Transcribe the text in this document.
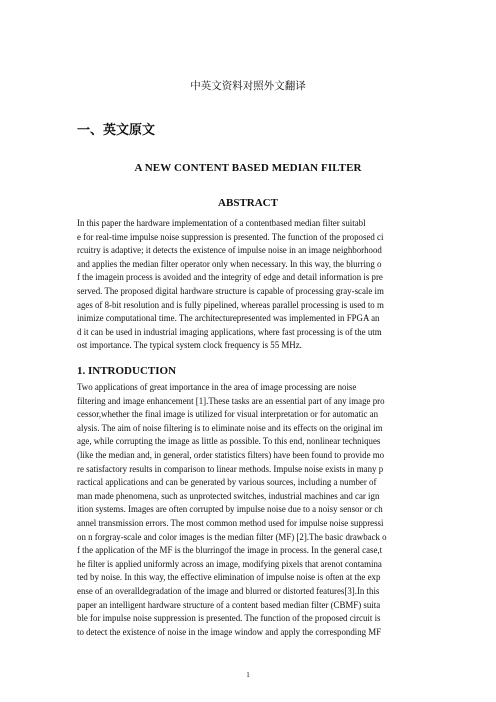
中英文资料对照外文翻译
一、英文原文
A NEW CONTENT BASED MEDIAN FILTER
ABSTRACT

In this paper the hardware implementation of a contentbased median filter suitabl
e for real-time impulse noise suppression is presented. The function of the proposed ci
rcuitry is adaptive; it detects the existence of impulse noise in an image neighborhood
and applies the median filter operator only when necessary. In this way, the blurring o
f the imagein process is avoided and the integrity of edge and detail information is pre
served. The proposed digital hardware structure is capable of processing gray-scale im
ages of 8-bit resolution and is fully pipelined, whereas parallel processing is used to m
inimize computational time. The architecturepresented was implemented in FPGA an
d it can be used in industrial imaging applications, where fast processing is of the utm
ost importance. The typical system clock frequency is 55 MHz.

1. INTRODUCTION

Two applications of great importance in the area of image processing are noise
filtering and image enhancement [1].These tasks are an essential part of any image pro
cessor,whether the final image is utilized for visual interpretation or for automatic an
alysis. The aim of noise filtering is to eliminate noise and its effects on the original im
age, while corrupting the image as little as possible. To this end, nonlinear techniques
(like the median and, in general, order statistics filters) have been found to provide mo
re satisfactory results in comparison to linear methods. Impulse noise exists in many p
ractical applications and can be generated by various sources, including a number of
man made phenomena, such as unprotected switches, industrial machines and car ign
ition systems. Images are often corrupted by impulse noise due to a noisy sensor or ch
annel transmission errors. The most common method used for impulse noise suppressi
on n forgray-scale and color images is the median filter (MF) [2].The basic drawback o
f the application of the MF is the blurringof the image in process. In the general case,t
he filter is applied uniformly across an image, modifying pixels that arenot contamina
ted by noise. In this way, the effective elimination of impulse noise is often at the exp
ense of an overalldegradation of the image and blurred or distorted features[3].In this
paper an intelligent hardware structure of a content based median filter (CBMF) suita
ble for impulse noise suppression is presented. The function of the proposed circuit is
to detect the existence of noise in the image window and apply the corresponding MF

1
